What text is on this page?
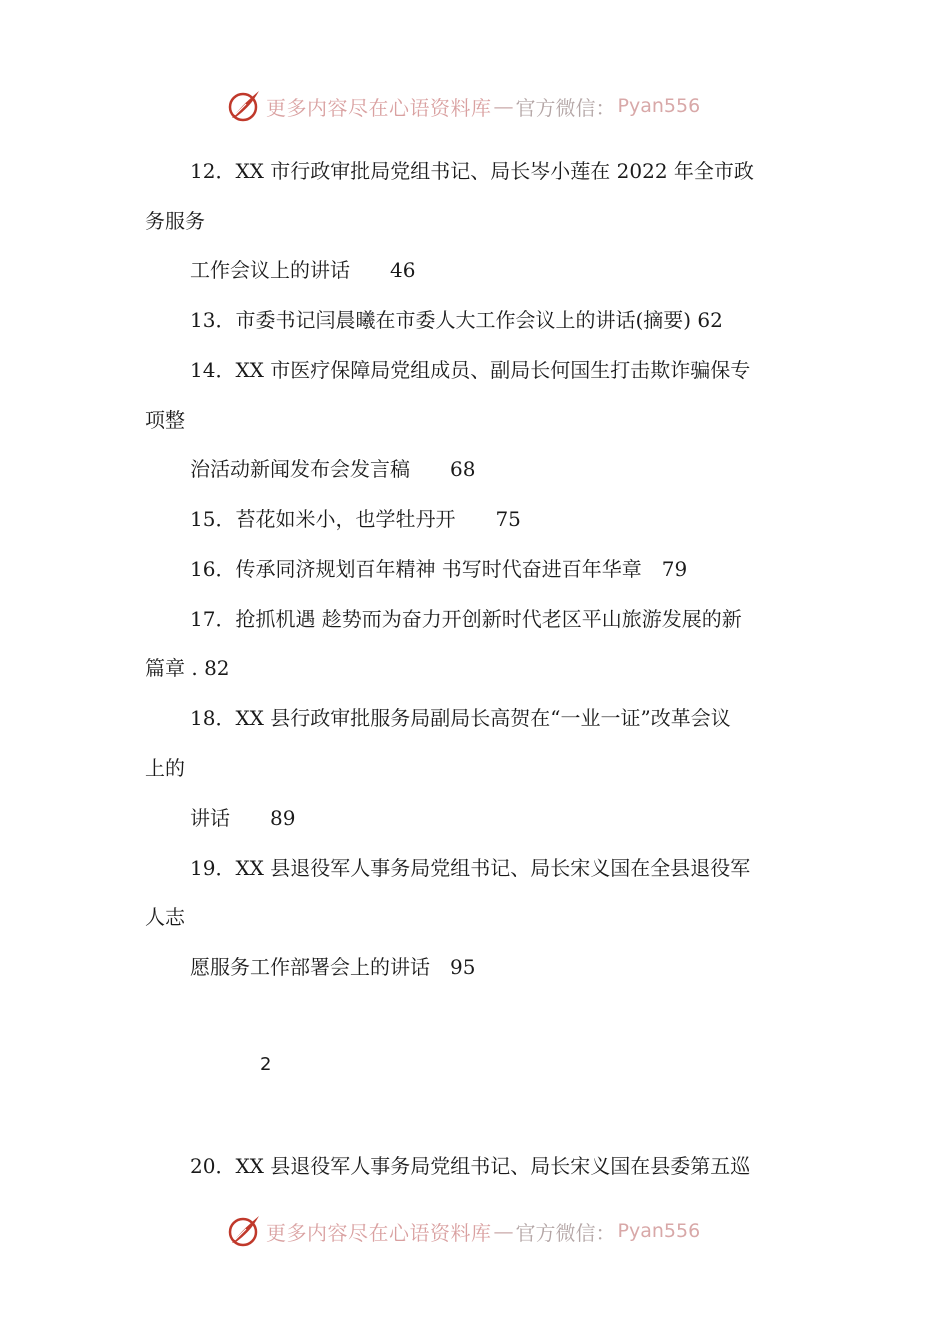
更多内容尽在心语资料库 — 官方微信： Pyan556
12．XX 市行政审批局党组书记、局长岑小莲在 2022 年全市政
务服务
工作会议上的讲话　　46
13．市委书记闫晨曦在市委人大工作会议上的讲话(摘要) 62
14．XX 市医疗保障局党组成员、副局长何国生打击欺诈骗保专
项整
治活动新闻发布会发言稿　　68
15．苔花如米小，也学牡丹开　　75
16．传承同济规划百年精神 书写时代奋进百年华章　79
17．抢抓机遇 趁势而为奋力开创新时代老区平山旅游发展的新
篇章 . 82
18．XX 县行政审批服务局副局长高贺在“一业一证”改革会议
上的
讲话　　89
19．XX 县退役军人事务局党组书记、局长宋义国在全县退役军
人志
愿服务工作部署会上的讲话　95
2
20．XX 县退役军人事务局党组书记、局长宋义国在县委第五巡
更多内容尽在心语资料库 — 官方微信： Pyan556
